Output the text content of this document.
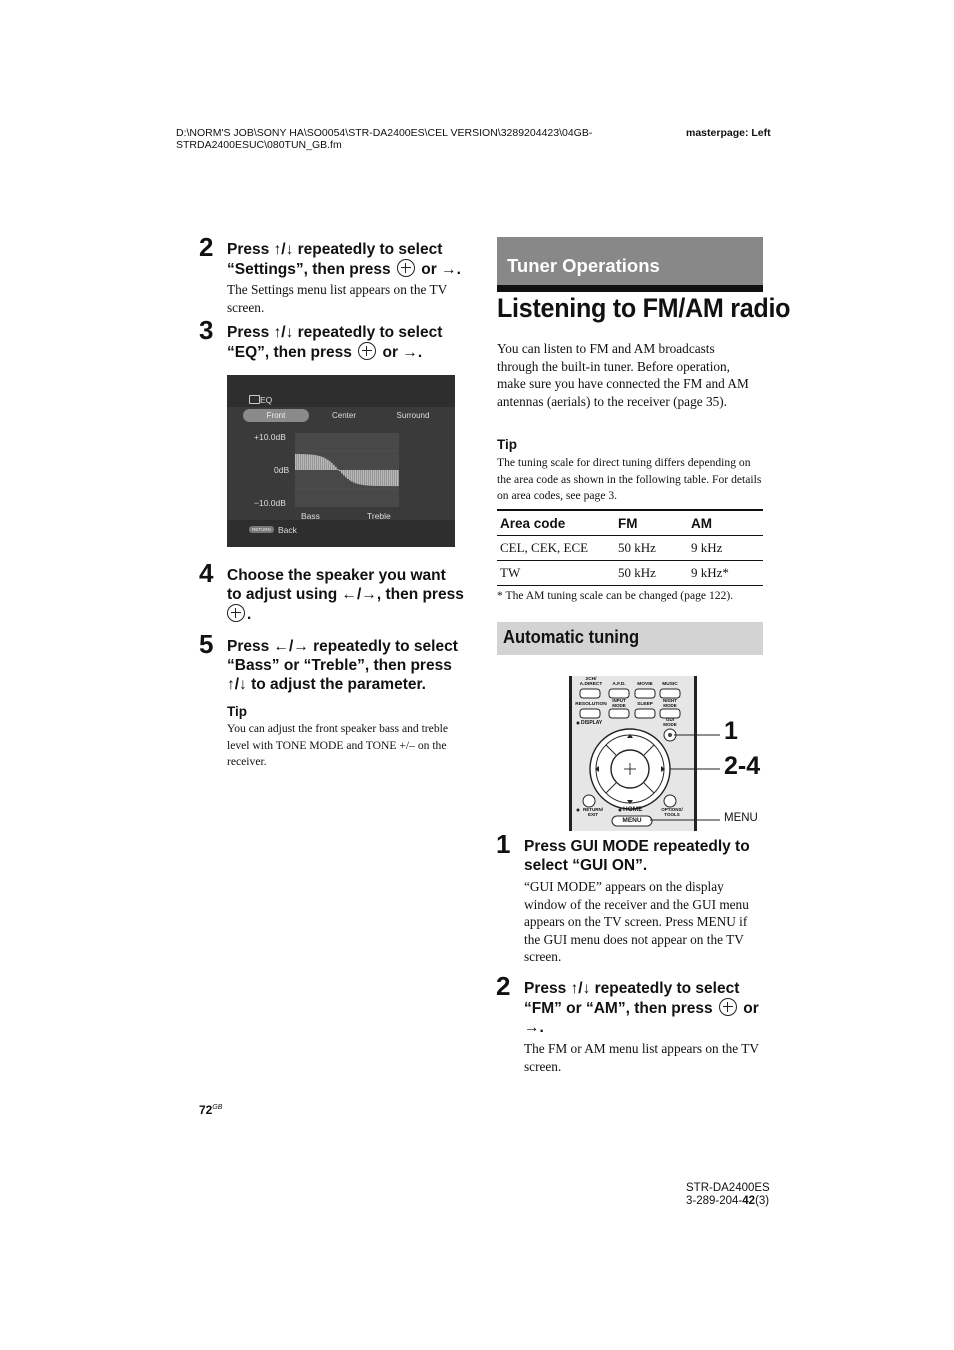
D:\NORM'S JOB\SONY HA\SO0054\STR-DA2400ES\CEL VERSION\3289204423\04GB-
STRDA2400ESUC\080TUN_GB.fm
masterpage: Left
2 Press ↑/↓ repeatedly to select
“Settings”, then press or →.
The Settings menu list appears on the TV screen.
3 Press ↑/↓ repeatedly to select
“EQ”, then press or →.
EQ
Front	Center	Surround
+10.0dB
0dB
−10.0dB
Bass	Treble
RETURN Back
4 Choose the speaker you want
to adjust using ←/→, then press
.
5 Press ←/→ repeatedly to select
“Bass” or “Treble”, then press
↑/↓ to adjust the parameter.
Tip
You can adjust the front speaker bass and treble level with TONE MODE and TONE +/– on the receiver.
Tuner Operations
Listening to FM/AM radio
You can listen to FM and AM broadcasts through the built-in tuner. Before operation, make sure you have connected the FM and AM antennas (aerials) to the receiver (page 35).
Tip
The tuning scale for direct tuning differs depending on the area code as shown in the following table. For details on area codes, see page 3.
Area code	FM	AM
CEL, CEK, ECE	50 kHz	9 kHz
TW	50 kHz	9 kHz*
* The AM tuning scale can be changed (page 122).
Automatic tuning
2CH/ A.DIRECT	A.F.D.	MOVIE	MUSIC
RESOLUTION
INPUT MODE	SLEEP
NIGHT MODE
DISPLAY
GUI MODE
RETURN/ EXIT
HOME
MENU
OPTIONS/ TOOLS
1
2-4
MENU
1 Press GUI MODE repeatedly to
select “GUI ON”.
“GUI MODE” appears on the display window of the receiver and the GUI menu appears on the TV screen. Press MENU if the GUI menu does not appear on the TV screen.
2 Press ↑/↓ repeatedly to select
“FM” or “AM”, then press or
→.
The FM or AM menu list appears on the TV screen.
$72^{GB}$
STR-DA2400ES
3-289-204-42(3)
